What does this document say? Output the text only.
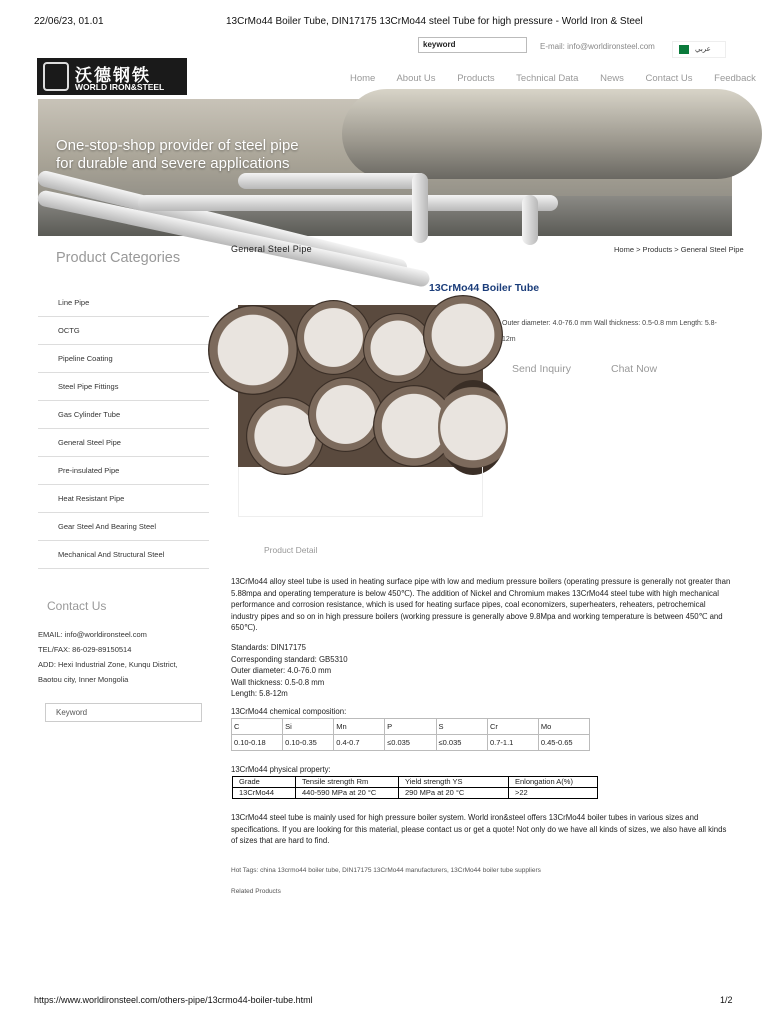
22/06/23, 01.01	13CrMo44 Boiler Tube, DIN17175 13CrMo44 steel Tube for high pressure - World Iron & Steel
keyword	E-mail: info@worldironsteel.com	عربي
沃德钢铁
WORLD IRON&STEEL
Home About Us Products Technical Data News Contact Us Feedback
One-stop-shop provider of steel pipe
for durable and severe applications
Product Categories
Line Pipe
OCTG
Pipeline Coating
Steel Pipe Fittings
Gas Cylinder Tube
General Steel Pipe
Pre-insulated Pipe
Heat Resistant Pipe
Gear Steel And Bearing Steel
Mechanical And Structural Steel
Contact Us
EMAIL: info@worldironsteel.com
TEL/FAX: 86-029-89150514
ADD: Hexi Industrial Zone, Kunqu District,
Baotou city, Inner Mongolia
Keyword
General Steel Pipe	Home > Products > General Steel Pipe
13CrMo44 Boiler Tube
Outer diameter: 4.0-76.0 mm Wall thickness: 0.5-0.8 mm Length: 5.8-
12m
Send Inquiry	Chat Now
Product Detail
13CrMo44 alloy steel tube is used in heating surface pipe with low and medium pressure boilers (operating pressure is generally not greater than 5.88mpa and operating temperature is below 450℃). The addition of Nickel and Chromium makes 13CrMo44 steel tube with high mechanical performance and corrosion resistance, which is used for heating surface pipes, coal economizers, superheaters, reheaters, petrochemical industry pipes and so on in high pressure boilers (working pressure is generally above 9.8Mpa and working temperature is between 450℃ and 650℃).
Standards: DIN17175
Corresponding standard: GB5310
Outer diameter: 4.0-76.0 mm
Wall thickness: 0.5-0.8 mm
Length: 5.8-12m
13CrMo44 chemical composition:
C	Si	Mn	P	S	Cr	Mo
0.10-0.18	0.10-0.35	0.4-0.7	≤0.035	≤0.035	0.7-1.1	0.45-0.65
13CrMo44 physical property:
Grade	Tensile strength Rm	Yield strength YS	Enlongation A(%)
13CrMo44	440-590 MPa at 20 °C	290 MPa at 20 °C	>22
13CrMo44 steel tube is mainly used for high pressure boiler system. World iron&steel offers 13CrMo44 boiler tubes in various sizes and specifications. If you are looking for this material, please contact us or get a quote! Not only do we have all kinds of sizes, we also have all kinds of sizes that are hard to find.
Hot Tags: china 13crmo44 boiler tube, DIN17175 13CrMo44 manufacturers, 13CrMo44 boiler tube suppliers
Related Products
https://www.worldironsteel.com/others-pipe/13crmo44-boiler-tube.html	1/2
